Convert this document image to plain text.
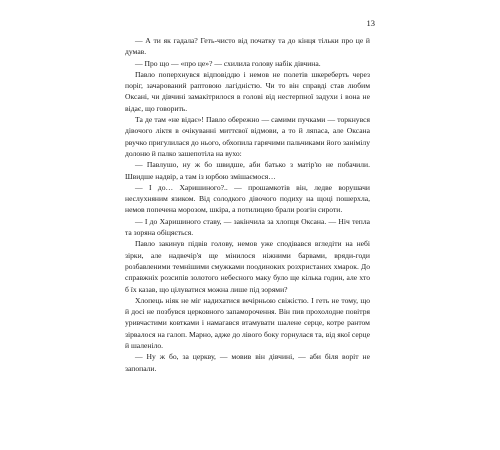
13

— А ти як гадала? Геть-чисто від початку та до кінця тільки про це й думав.

— Про що — «про це»? — схилила голову набік дівчина.

Павло поперхнувся відповіддю і немов не полетів шкереберть через поріг, зачарований раптовою лагідністю. Чи то він справді став любим Оксані, чи дівчині замакітрилося в голові від нестерпної задухи і вона не відає, що говорить.

Та де там «не відає»! Павло обережно — самими пучками — торкнувся дівочого ліктя в очікуванні миттєвої відмови, а то й ляпаса, але Оксана рвучко пригулилася до нього, обхопила гарячими пальчиками його занімілу долоню й палко зашепотіла на вухо:

— Павлушо, ну ж бо швидше, аби батько з матір'ю не побачили. Швидше надвір, а там із юрбою змішаємося…

— І до… Харишиного?.. — прошамкотів він, ледве ворушачи неслухняним язиком. Від солодкого дівочого подиху на щоці пошерхла, немов попечена морозом, шкіра, а потилицею брали розгін сироти.

— І до Харишиного ставу, — закінчила за хлопця Оксана. — Ніч тепла та зоряна обіцяється.

Павло закинув підвів голову, немов уже сподівався вгледіти на небі зірки, але надвечір'я ще мінилося ніжними барвами, вряди-годи розбавленими темнішими смужками поодиноких розхристаних хмарок. До справжніх розсипів золотого небесного маку було ще кілька годин, але хто б їх казав, що цілуватися можна лише під зорями?

Хлопець ніяк не міг надихатися вечірньою свіжістю. І геть не тому, що й досі не позбувся церковного запаморочення. Він пив прохолодне повітря уривчастими ковтками і намагався втамувати шалене серце, котре рантом зірвалося на галоп. Марно, адже до лівого боку горнулася та, від якої серце й шаленіло.

— Ну ж бо, за церкву, — мовив він дівчині, — аби біля воріт не запопали.
